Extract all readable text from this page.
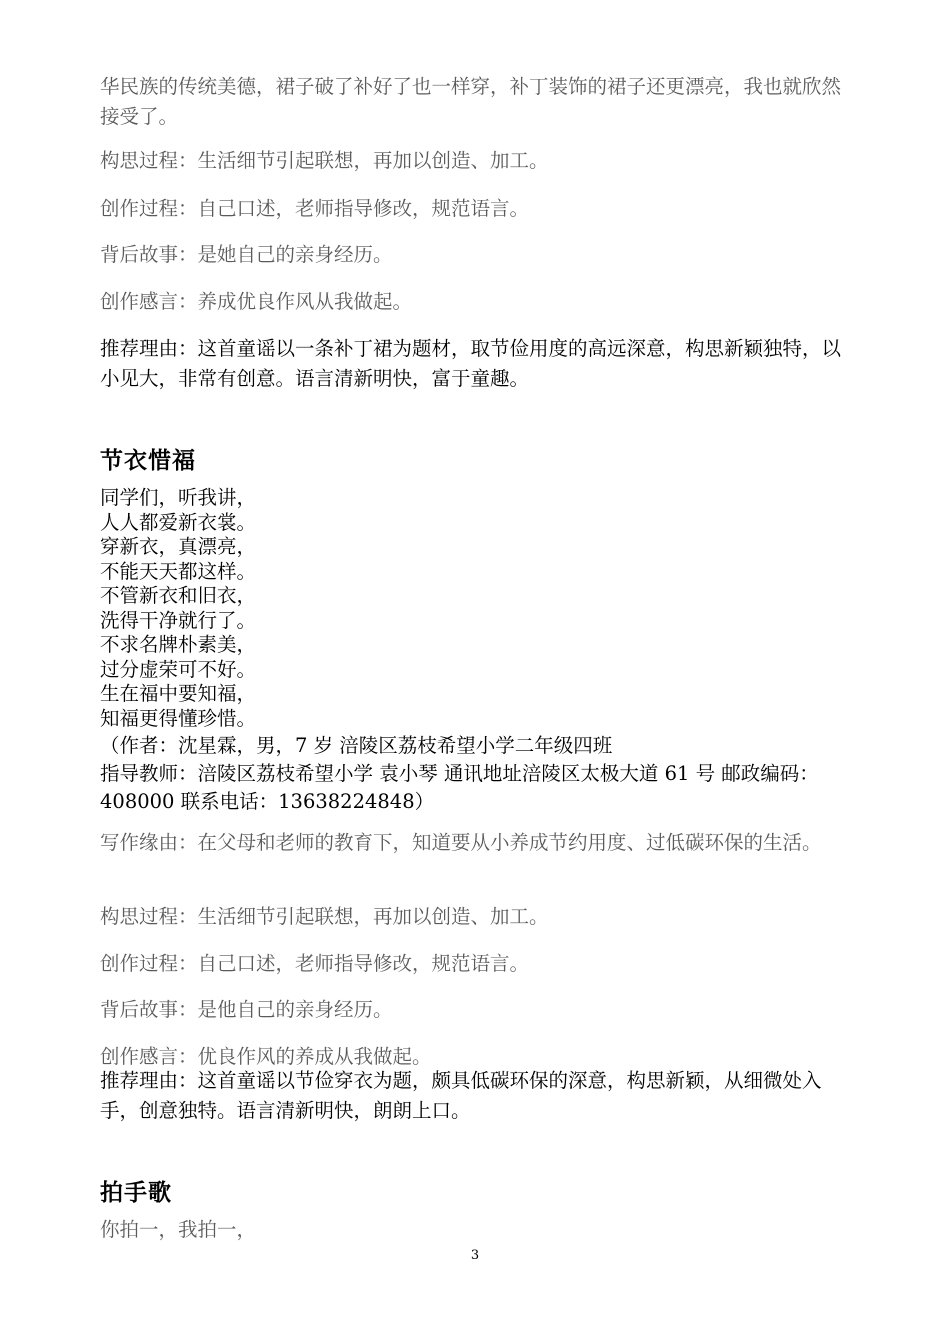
华民族的传统美德，裙子破了补好了也一样穿，补丁装饰的裙子还更漂亮，我也就欣然接受了。

构思过程：生活细节引起联想，再加以创造、加工。

创作过程：自己口述，老师指导修改，规范语言。

背后故事：是她自己的亲身经历。

创作感言：养成优良作风从我做起。

推荐理由：这首童谣以一条补丁裙为题材，取节俭用度的高远深意，构思新颖独特，以小见大，非常有创意。语言清新明快，富于童趣。

节衣惜福
同学们，听我讲，
人人都爱新衣裳。
穿新衣，真漂亮，
不能天天都这样。
不管新衣和旧衣，
洗得干净就行了。
不求名牌朴素美，
过分虚荣可不好。
生在福中要知福，
知福更得懂珍惜。
（作者：沈星霖，男，7 岁 涪陵区荔枝希望小学二年级四班
指导教师：涪陵区荔枝希望小学 袁小琴 通讯地址涪陵区太极大道 61 号 邮政编码：408000 联系电话：13638224848）

写作缘由：在父母和老师的教育下，知道要从小养成节约用度、过低碳环保的生活。

构思过程：生活细节引起联想，再加以创造、加工。

创作过程：自己口述，老师指导修改，规范语言。

背后故事：是他自己的亲身经历。

创作感言：优良作风的养成从我做起。

推荐理由：这首童谣以节俭穿衣为题，颇具低碳环保的深意，构思新颖，从细微处入手，创意独特。语言清新明快，朗朗上口。

拍手歌

你拍一，我拍一，

3
